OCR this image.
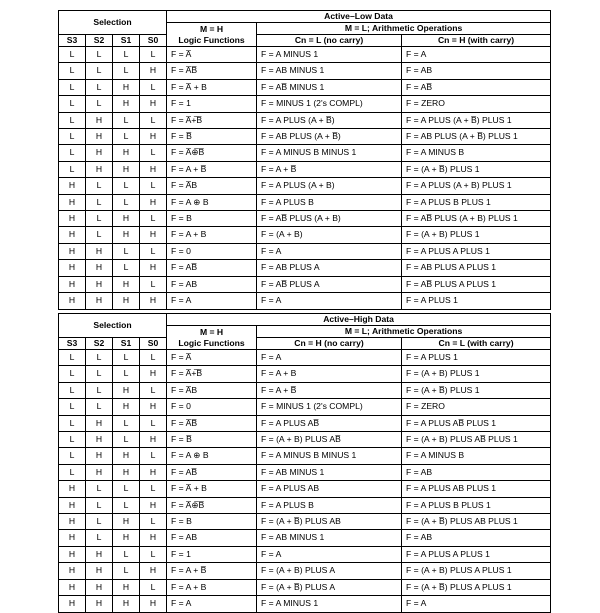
Selection				Active–Low Data		

				M = H
Logic Functions	M = L; Arithmetic Operations	
S3	S2	S1	S0		Cn = L (no carry)	Cn = H (with carry)
L	L	L	L	F = A̅	F = A MINUS 1	F = A
L	L	L	H	F = A̅B̅	F = AB MINUS 1	F = AB
L	L	H	L	F = A̅ + B	F = AB̅ MINUS 1	F = AB̅
L	L	H	H	F = 1	F = MINUS 1 (2's COMPL)	F = ZERO
L	H	L	L	F = A̅+̅B̅	F = A PLUS (A + B̅)	F = A PLUS (A + B̅) PLUS 1
L	H	L	H	F = B̅	F = AB PLUS (A + B̅)	F = AB PLUS (A + B̅) PLUS 1
L	H	H	L	F = A̅⊕̅B̅	F = A MINUS B MINUS 1	F = A MINUS B
L	H	H	H	F = A + B̅	F = A + B̅	F = (A + B̅) PLUS 1
H	L	L	L	F = A̅B	F = A PLUS (A + B)	F = A PLUS (A + B) PLUS 1
H	L	L	H	F = A ⊕ B	F = A PLUS B	F = A PLUS B PLUS 1
H	L	H	L	F = B	F = AB̅ PLUS (A + B)	F = AB̅ PLUS (A + B) PLUS 1
H	L	H	H	F = A + B	F = (A + B)	F = (A + B) PLUS 1
H	H	L	L	F = 0	F = A	F = A PLUS A PLUS 1
H	H	L	H	F = AB̅	F = AB PLUS A	F = AB PLUS A PLUS 1
H	H	H	L	F = AB	F = AB̅ PLUS A	F = AB̅ PLUS A PLUS 1
H	H	H	H	F = A	F = A	F = A PLUS 1
Selection				Active–High Data		

				M = H
Logic Functions	M = L; Arithmetic Operations	
S3	S2	S1	S0		Cn = H (no carry)	Cn = L (with carry)
L	L	L	L	F = A̅	F = A	F = A PLUS 1
L	L	L	H	F = A̅+̅B̅	F = A + B	F = (A + B) PLUS 1
L	L	H	L	F = A̅B	F = A + B̅	F = (A + B̅) PLUS 1
L	L	H	H	F = 0	F = MINUS 1 (2's COMPL)	F = ZERO
L	H	L	L	F = A̅B̅	F = A PLUS AB̅	F = A PLUS AB̅ PLUS 1
L	H	L	H	F = B̅	F = (A + B) PLUS AB̅	F = (A + B) PLUS AB̅ PLUS 1
L	H	H	L	F = A ⊕ B	F = A MINUS B MINUS 1	F = A MINUS B
L	H	H	H	F = AB̅	F = AB MINUS 1	F = AB
H	L	L	L	F = A̅ + B	F = A PLUS AB	F = A PLUS AB PLUS 1
H	L	L	H	F = A̅⊕̅B̅	F = A PLUS B	F = A PLUS B PLUS 1
H	L	H	L	F = B	F = (A + B̅) PLUS AB	F = (A + B̅) PLUS AB PLUS 1
H	L	H	H	F = AB	F = AB MINUS 1	F = AB
H	H	L	L	F = 1	F = A	F = A PLUS A PLUS 1
H	H	L	H	F = A + B̅	F = (A + B) PLUS A	F = (A + B) PLUS A PLUS 1
H	H	H	L	F = A + B	F = (A + B̅) PLUS A	F = (A + B̅) PLUS A PLUS 1
H	H	H	H	F = A	F = A MINUS 1	F = A
